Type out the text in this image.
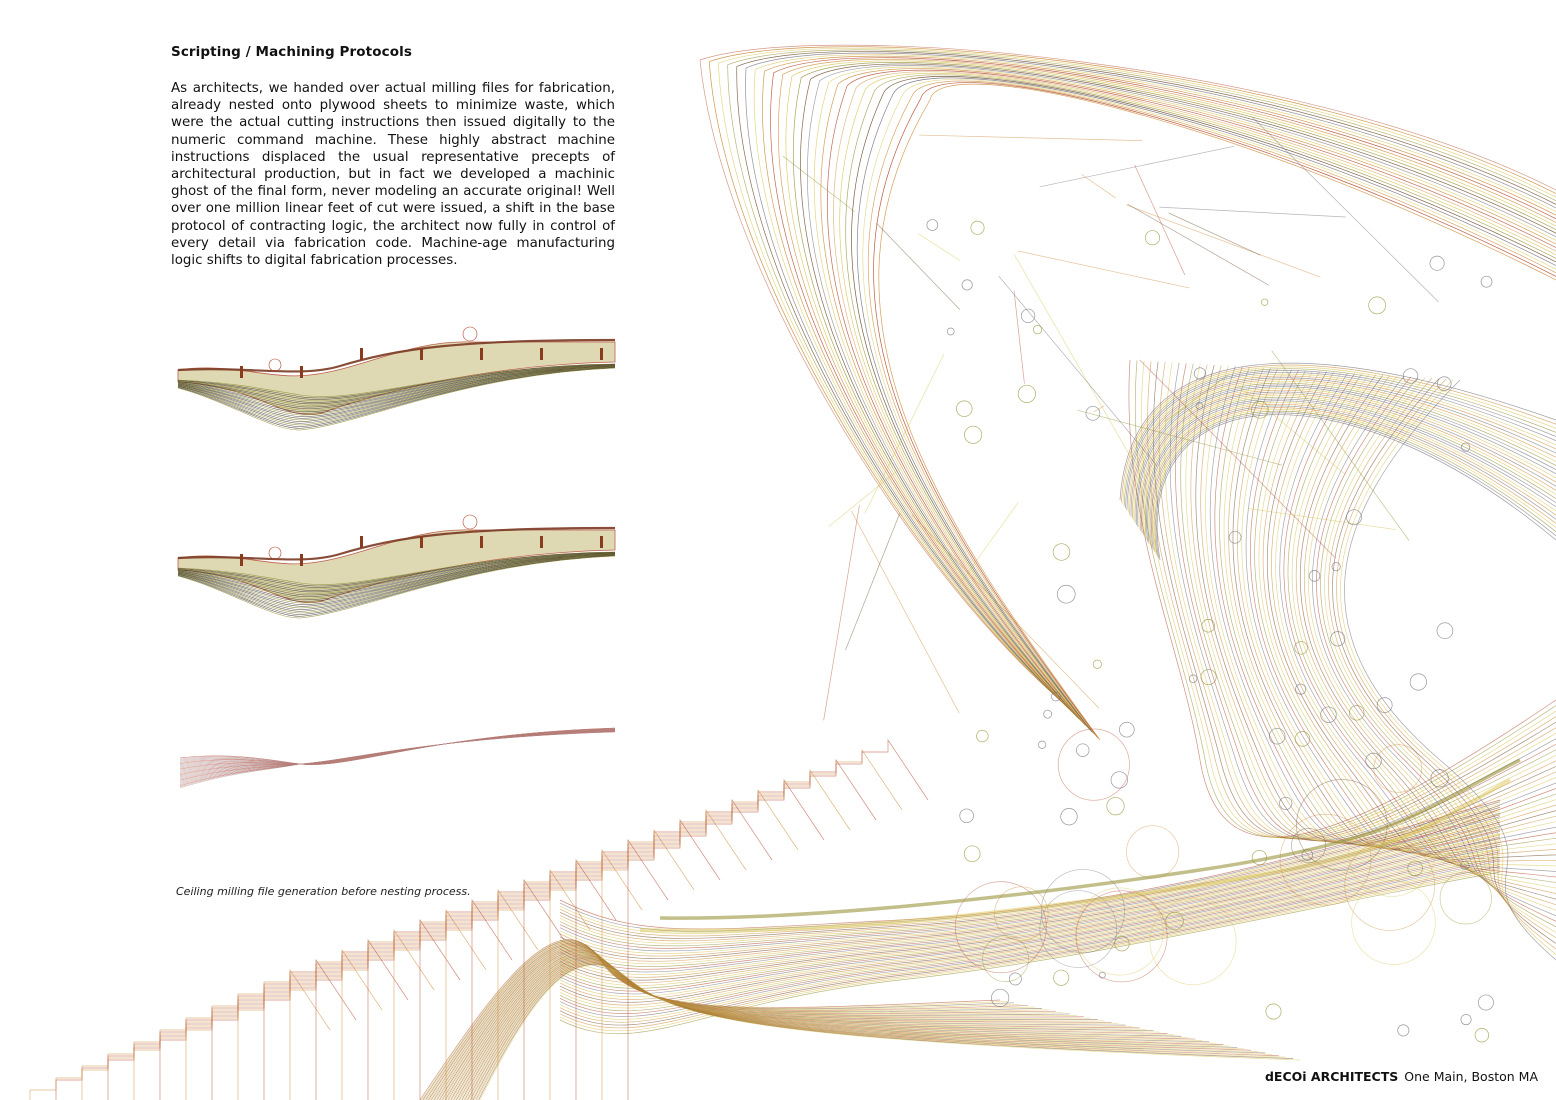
Scripting / Machining Protocols

As architects, we handed over actual milling files for fabrication, already nested onto plywood sheets to minimize waste, which were the actual cutting instructions then issued digitally to the numeric command machine. These highly abstract machine instructions displaced the usual representative precepts of architectural production, but in fact we developed a machinic ghost of the final form, never modeling an accurate original! Well over one million linear feet of cut were issued, a shift in the base protocol of contracting logic, the architect now fully in control of every detail via fabrication code. Machine-age manufacturing logic shifts to digital fabrication processes.

Ceiling milling file generation before nesting process.
dECOi ARCHITECTS One Main, Boston MA
